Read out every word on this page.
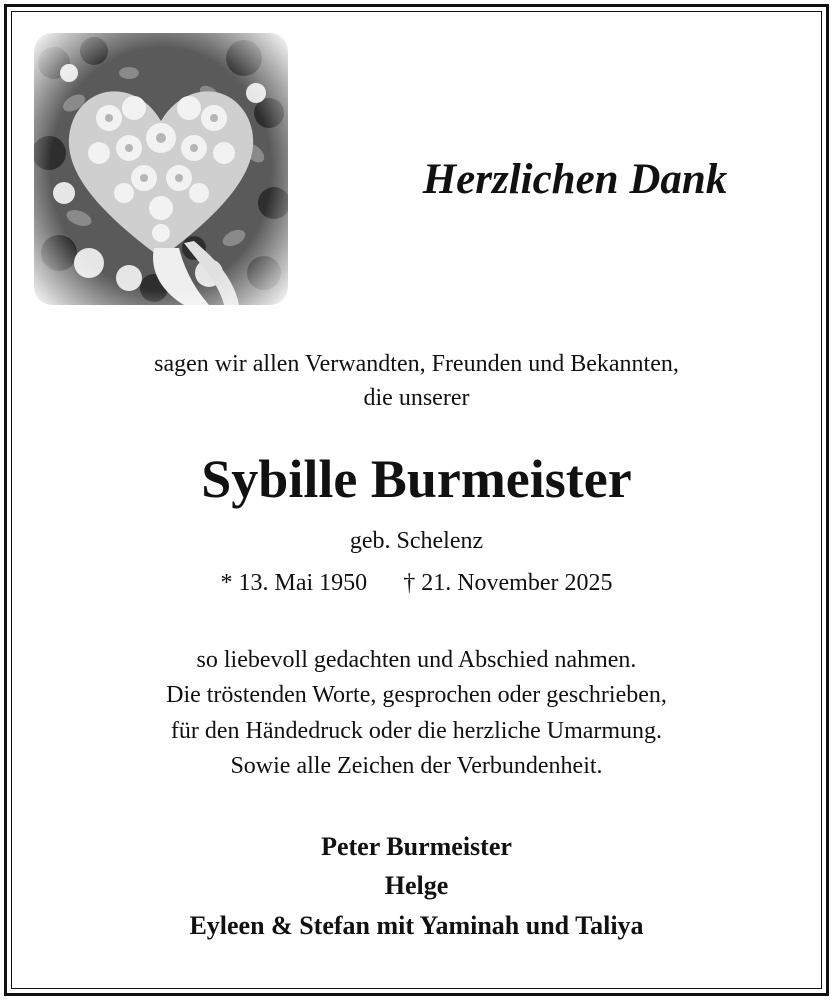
Herzlichen Dank

sagen wir allen Verwandten, Freunden und Bekannten,

die unserer

Sybille Burmeister

geb. Schelenz

* 13. Mai 1950 † 21. November 2025

so liebevoll gedachten und Abschied nahmen.

Die tröstenden Worte, gesprochen oder geschrieben,

für den Händedruck oder die herzliche Umarmung.

Sowie alle Zeichen der Verbundenheit.

Peter Burmeister

Helge

Eyleen & Stefan mit Yaminah und Taliya
